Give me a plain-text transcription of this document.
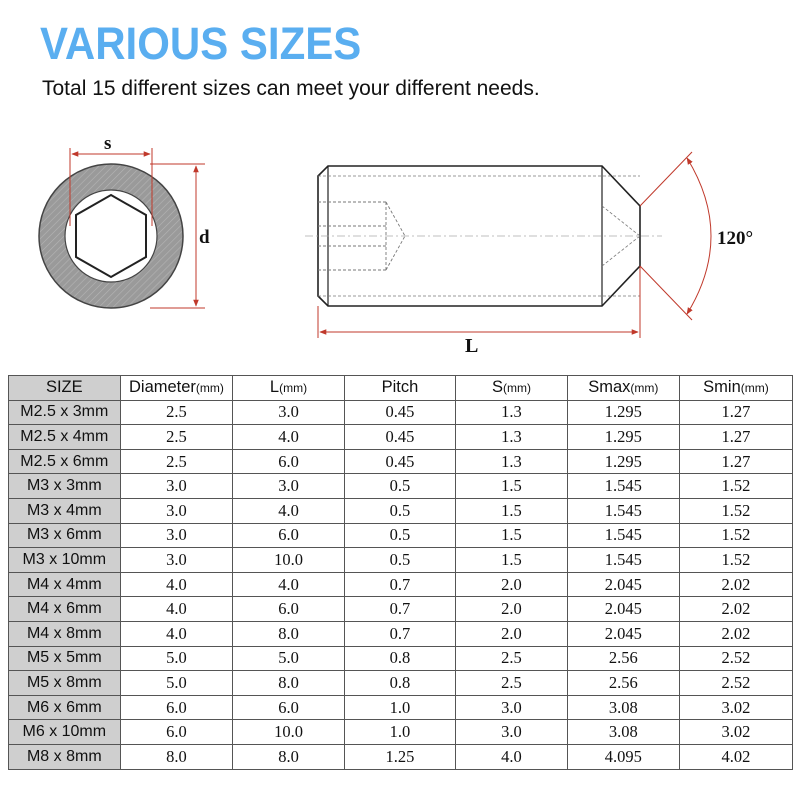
VARIOUS SIZES
Total 15 different sizes can meet your different needs.
s
d
L
120°
SIZE	Diameter(mm)	L(mm)	Pitch	S(mm)	Smax(mm)	Smin(mm)
M2.5 x 3mm	2.5	3.0	0.45	1.3	1.295	1.27
M2.5 x 4mm	2.5	4.0	0.45	1.3	1.295	1.27
M2.5 x 6mm	2.5	6.0	0.45	1.3	1.295	1.27
M3 x 3mm	3.0	3.0	0.5	1.5	1.545	1.52
M3 x 4mm	3.0	4.0	0.5	1.5	1.545	1.52
M3 x 6mm	3.0	6.0	0.5	1.5	1.545	1.52
M3 x 10mm	3.0	10.0	0.5	1.5	1.545	1.52
M4 x 4mm	4.0	4.0	0.7	2.0	2.045	2.02
M4 x 6mm	4.0	6.0	0.7	2.0	2.045	2.02
M4 x 8mm	4.0	8.0	0.7	2.0	2.045	2.02
M5 x 5mm	5.0	5.0	0.8	2.5	2.56	2.52
M5 x 8mm	5.0	8.0	0.8	2.5	2.56	2.52
M6 x 6mm	6.0	6.0	1.0	3.0	3.08	3.02
M6 x 10mm	6.0	10.0	1.0	3.0	3.08	3.02
M8 x 8mm	8.0	8.0	1.25	4.0	4.095	4.02
